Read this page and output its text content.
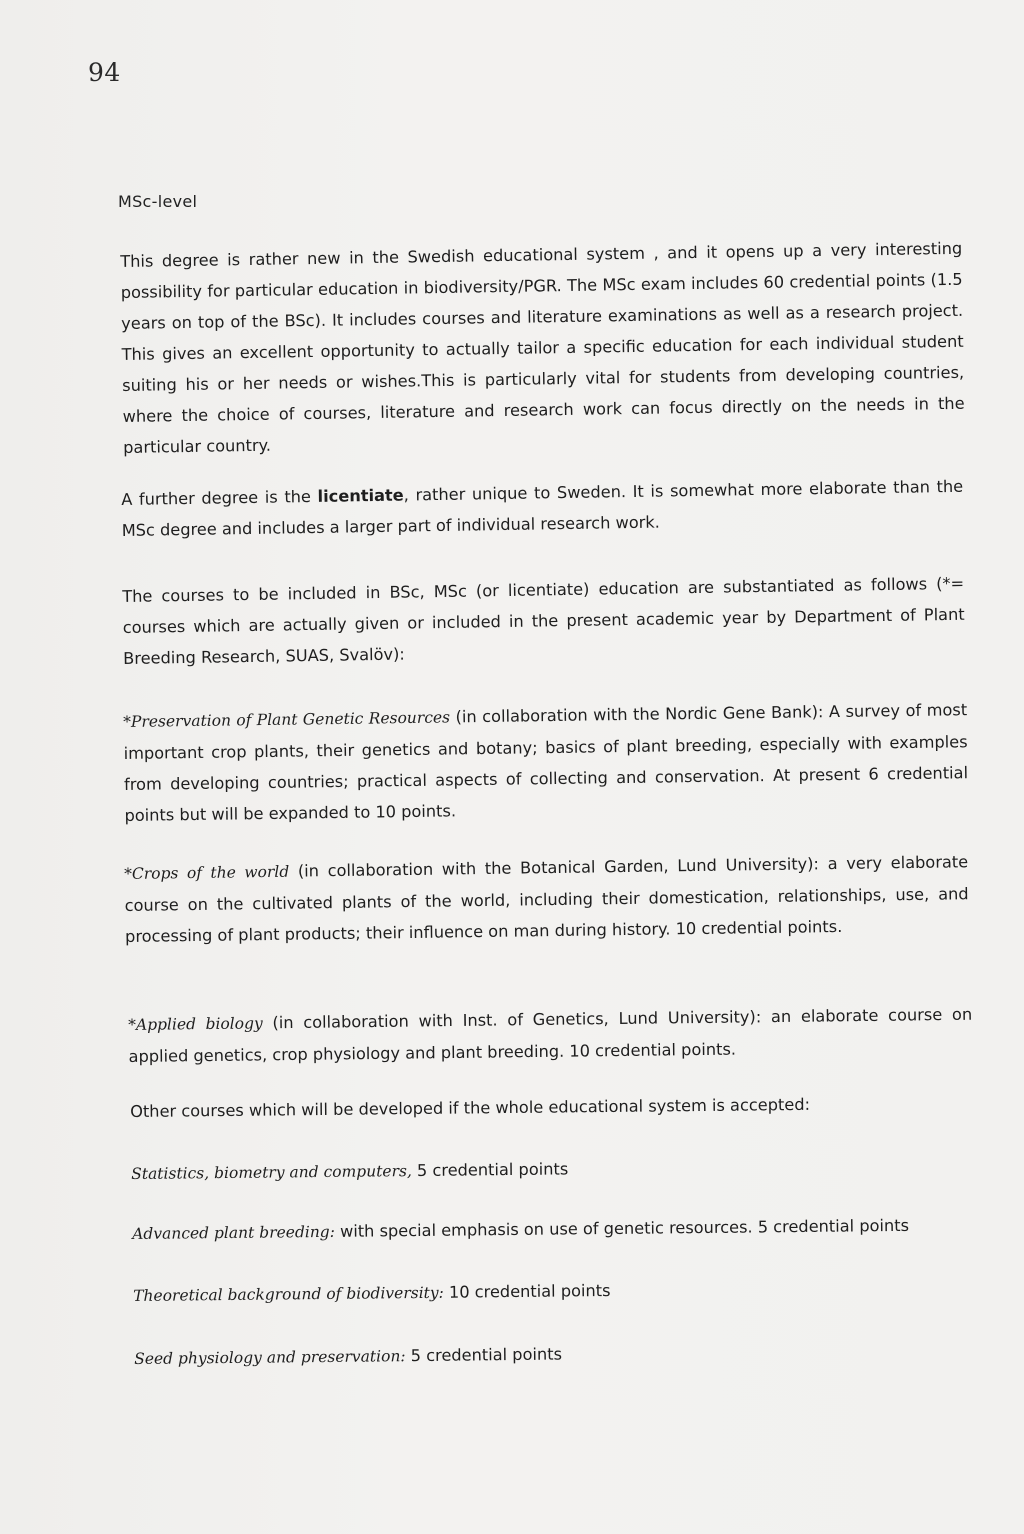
94
MSc-level

This degree is rather new in the Swedish educational system , and it opens up a very interesting possibility for particular education in biodiversity/PGR. The MSc exam includes 60 credential points (1.5 years on top of the BSc). It includes courses and literature examinations as well as a research project. This gives an excellent opportunity to actually tailor a specific education for each individual student suiting his or her needs or wishes.This is particularly vital for students from developing countries, where the choice of courses, literature and research work can focus directly on the needs in the particular country.

A further degree is the licentiate, rather unique to Sweden. It is somewhat more elaborate than the MSc degree and includes a larger part of individual research work.

The courses to be included in BSc, MSc (or licentiate) education are substantiated as follows (*= courses which are actually given or included in the present academic year by Department of Plant Breeding Research, SUAS, Svalöv):

*Preservation of Plant Genetic Resources (in collaboration with the Nordic Gene Bank): A survey of most important crop plants, their genetics and botany; basics of plant breeding, especially with examples from developing countries; practical aspects of collecting and conservation. At present 6 credential points but will be expanded to 10 points.

*Crops of the world (in collaboration with the Botanical Garden, Lund University): a very elaborate course on the cultivated plants of the world, including their domestication, relationships, use, and processing of plant products; their influence on man during history. 10 credential points.

*Applied biology (in collaboration with Inst. of Genetics, Lund University): an elaborate course on applied genetics, crop physiology and plant breeding. 10 credential points.

Other courses which will be developed if the whole educational system is accepted:

Statistics, biometry and computers, 5 credential points

Advanced plant breeding: with special emphasis on use of genetic resources. 5 credential points

Theoretical background of biodiversity: 10 credential points

Seed physiology and preservation: 5 credential points
